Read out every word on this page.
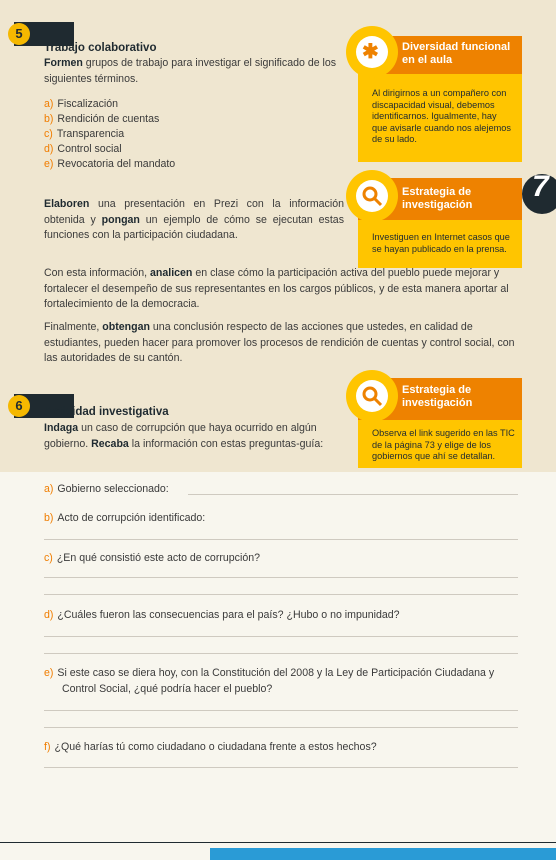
5
Trabajo colaborativo
Formen grupos de trabajo para investigar el significado de los siguientes términos.
a) Fiscalización
b) Rendición de cuentas
c) Transparencia
d) Control social
e) Revocatoria del mandato
Diversidad funcional en el aula
✱
Al dirigirnos a un compañero con discapacidad visual, debemos identificarnos. Igualmente, hay que avisarle cuando nos alejemos de su lado.
7
Estrategia de investigación
Investiguen en Internet casos que se hayan publicado en la prensa.
Elaboren una presentación en Prezi con la información obtenida y pongan un ejemplo de cómo se ejecutan estas funciones con la participación ciudadana.
Con esta información, analicen en clase cómo la participación activa del pueblo puede mejorar y fortalecer el desempeño de sus representantes en los cargos públicos, y de esta manera aportar al fortalecimiento de la democracia.
Finalmente, obtengan una conclusión respecto de las acciones que ustedes, en calidad de estudiantes, pueden hacer para promover los procesos de rendición de cuentas y control social, con las autoridades de su cantón.
6	Actividad investigativa
Indaga un caso de corrupción que haya ocurrido en algún gobierno. Recaba la información con estas preguntas-guía:
Estrategia de investigación
Observa el link sugerido en las TIC de la página 73 y elige de los gobiernos que ahí se detallan.
a) Gobierno seleccionado:
b) Acto de corrupción identificado:
c) ¿En qué consistió este acto de corrupción?
d) ¿Cuáles fueron las consecuencias para el país? ¿Hubo o no impunidad?
e) Si este caso se diera hoy, con la Constitución del 2008 y la Ley de Participación Ciudadana y
Control Social, ¿qué podría hacer el pueblo?
f) ¿Qué harías tú como ciudadano o ciudadana frente a estos hechos?
